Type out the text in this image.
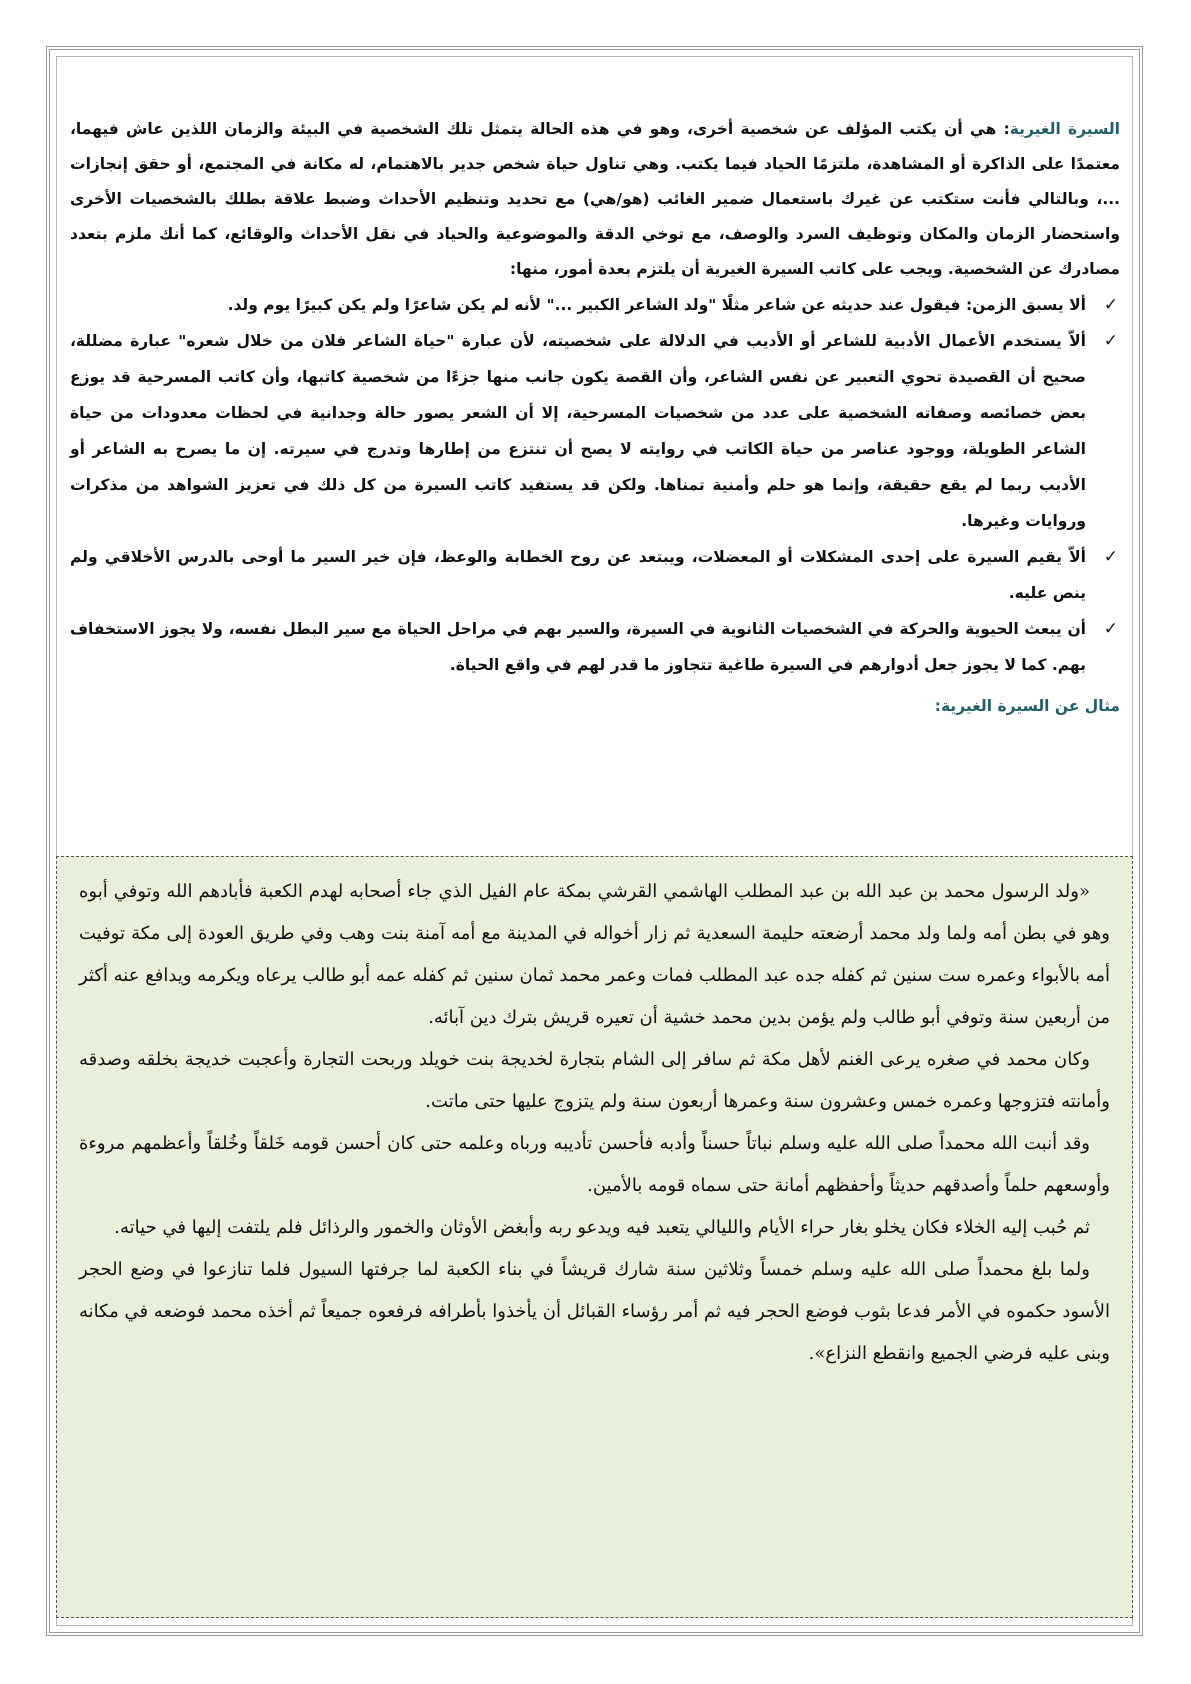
السيرة الغيرية: هي أن يكتب المؤلف عن شخصية أخرى، وهو في هذه الحالة يتمثل تلك الشخصية في البيئة والزمان اللذين عاش فيهما، معتمدًا على الذاكرة أو المشاهدة، ملتزمًا الحياد فيما يكتب. وهي تناول حياة شخص جدير بالاهتمام، له مكانة في المجتمع، أو حقق إنجازات ...، وبالتالي فأنت ستكتب عن غيرك باستعمال ضمير الغائب (هو/هي) مع تحديد وتنظيم الأحداث وضبط علاقة بطلك بالشخصيات الأخرى واستحضار الزمان والمكان وتوظيف السرد والوصف، مع توخي الدقة والموضوعية والحياد في نقل الأحداث والوقائع، كما أنك ملزم بتعدد مصادرك عن الشخصية. ويجب على كاتب السيرة الغيرية أن يلتزم بعدة أمور، منها:

✓
ألا يسبق الزمن: فيقول عند حديثه عن شاعر مثلًا "ولد الشاعر الكبير ..." لأنه لم يكن شاعرًا ولم يكن كبيرًا يوم ولد.
✓
ألاّ يستخدم الأعمال الأدبية للشاعر أو الأديب في الدلالة على شخصيته، لأن عبارة "حياة الشاعر فلان من خلال شعره" عبارة مضللة، صحيح أن القصيدة تحوي التعبير عن نفس الشاعر، وأن القصة يكون جانب منها جزءًا من شخصية كاتبها، وأن كاتب المسرحية قد يوزع بعض خصائصه وصفاته الشخصية على عدد من شخصيات المسرحية، إلا أن الشعر يصور حالة وجدانية في لحظات معدودات من حياة الشاعر الطويلة، ووجود عناصر من حياة الكاتب في روايته لا يصح أن تنتزع من إطارها وتدرج في سيرته. إن ما يصرح به الشاعر أو الأديب ربما لم يقع حقيقة، وإنما هو حلم وأمنية تمناها. ولكن قد يستفيد كاتب السيرة من كل ذلك في تعزيز الشواهد من مذكرات وروايات وغيرها.
✓
ألاّ يقيم السيرة على إحدى المشكلات أو المعضلات، ويبتعد عن روح الخطابة والوعظ، فإن خير السير ما أوحى بالدرس الأخلاقي ولم ينص عليه.
✓
أن يبعث الحيوية والحركة في الشخصيات الثانوية في السيرة، والسير بهم في مراحل الحياة مع سير البطل نفسه، ولا يجوز الاستخفاف بهم. كما لا يجوز جعل أدوارهم في السيرة طاغية تتجاوز ما قدر لهم في واقع الحياة.
مثال عن السيرة الغيرية:

«ولد الرسول محمد بن عبد الله بن عبد المطلب الهاشمي القرشي بمكة عام الفيل الذي جاء أصحابه لهدم الكعبة فأبادهم الله وتوفي أبوه وهو في بطن أمه ولما ولد محمد أرضعته حليمة السعدية ثم زار أخواله في المدينة مع أمه آمنة بنت وهب وفي طريق العودة إلى مكة توفيت أمه بالأبواء وعمره ست سنين ثم كفله جده عبد المطلب فمات وعمر محمد ثمان سنين ثم كفله عمه أبو طالب يرعاه ويكرمه ويدافع عنه أكثر من أربعين سنة وتوفي أبو طالب ولم يؤمن بدين محمد خشية أن تعيره قريش بترك دين آبائه.

وكان محمد في صغره يرعى الغنم لأهل مكة ثم سافر إلى الشام بتجارة لخديجة بنت خويلد وربحت التجارة وأعجبت خديجة بخلقه وصدقه وأمانته فتزوجها وعمره خمس وعشرون سنة وعمرها أربعون سنة ولم يتزوج عليها حتى ماتت.

وقد أنبت الله محمداً صلى الله عليه وسلم نباتاً حسناً وأدبه فأحسن تأديبه ورباه وعلمه حتى كان أحسن قومه خَلقاً وخُلقاً وأعظمهم مروءة وأوسعهم حلماً وأصدقهم حديثاً وأحفظهم أمانة حتى سماه قومه بالأمين.

ثم حُبب إليه الخلاء فكان يخلو بغار حراء الأيام والليالي يتعبد فيه ويدعو ربه وأبغض الأوثان والخمور والرذائل فلم يلتفت إليها في حياته.

ولما بلغ محمداً صلى الله عليه وسلم خمساً وثلاثين سنة شارك قريشاً في بناء الكعبة لما جرفتها السيول فلما تنازعوا في وضع الحجر الأسود حكموه في الأمر فدعا بثوب فوضع الحجر فيه ثم أمر رؤساء القبائل أن يأخذوا بأطرافه فرفعوه جميعاً ثم أخذه محمد فوضعه في مكانه وبنى عليه فرضي الجميع وانقطع النزاع».
